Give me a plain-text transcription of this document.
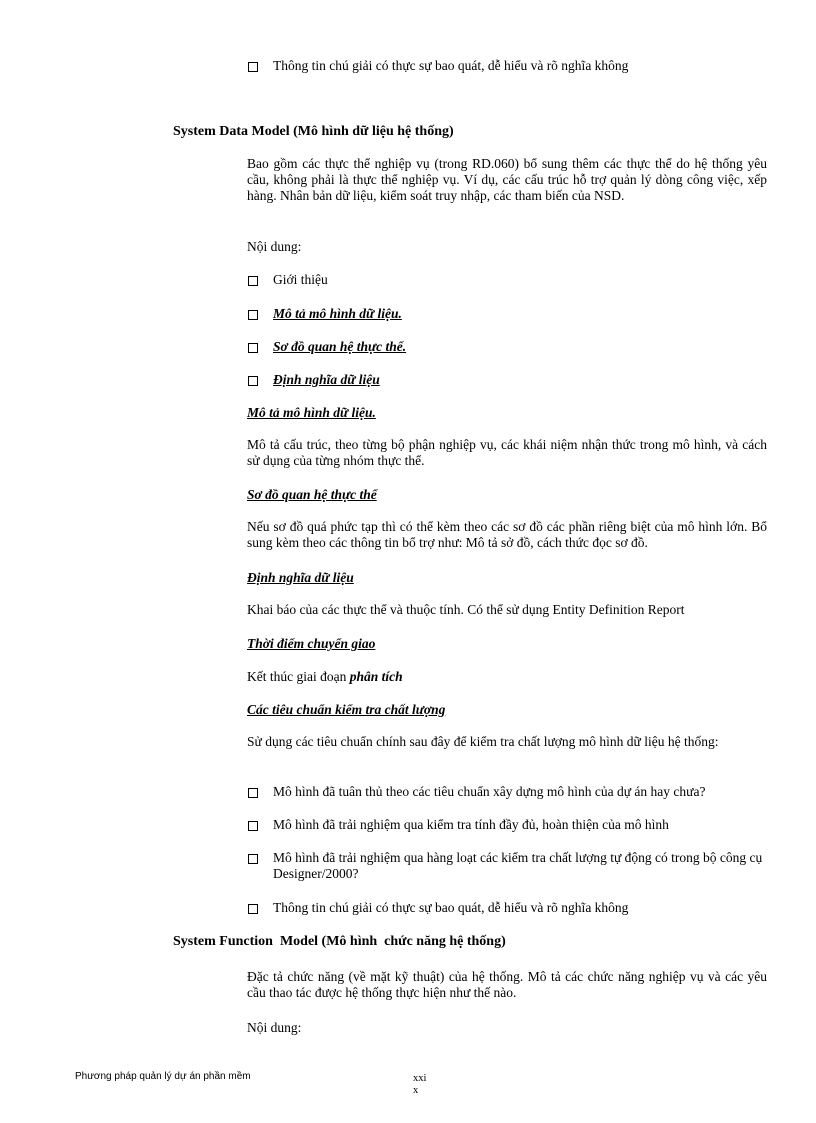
Thông tin chú giải có thực sự bao quát, dễ hiểu và rõ nghĩa không
System Data Model (Mô hình dữ liệu hệ thống)
Bao gồm các thực thể nghiệp vụ (trong RD.060) bổ sung thêm các thực thể do hệ thống yêu cầu, không phải là thực thể nghiệp vụ. Ví dụ, các cấu trúc hỗ trợ quản lý dòng công việc, xếp hàng. Nhân bản dữ liệu, kiểm soát truy nhập, các tham biến của NSD.
Nội dung:
Giới thiệu
Mô tả mô hình dữ liệu.
Sơ đồ quan hệ thực thể.
Định nghĩa dữ liệu
Mô tả mô hình dữ liệu.
Mô tả cấu trúc, theo từng bộ phận nghiệp vụ, các khái niệm nhận thức trong mô hình, và cách sử dụng của từng nhóm thực thể.
Sơ đồ quan hệ thực thể
Nếu sơ đồ quá phức tạp thì có thể kèm theo các sơ đồ các phần riêng biệt của mô hình lớn. Bổ sung kèm theo các thông tin bổ trợ như: Mô tả sở đồ, cách thức đọc sơ đồ.
Định nghĩa dữ liệu
Khai báo của các thực thể và thuộc tính. Có thể sử dụng Entity Definition Report
Thời điểm chuyển giao
Kết thúc giai đoạn phân tích
Các tiêu chuẩn kiểm tra chất lượng
Sử dụng các tiêu chuẩn chính sau đây để kiểm tra chất lượng mô hình dữ liệu hệ thống:
Mô hình đã tuân thủ theo các tiêu chuẩn xây dựng mô hình của dự án hay chưa?
Mô hình đã trải nghiệm qua kiểm tra tính đầy đủ, hoàn thiện của mô hình
Mô hình đã trải nghiệm qua hàng loạt các kiểm tra chất lượng tự động có trong bộ công cụ Designer/2000?
Thông tin chú giải có thực sự bao quát, dễ hiểu và rõ nghĩa không
System Function  Model (Mô hình  chức năng hệ thống)
Đặc tả chức năng (về mặt kỹ thuật) của hệ thống. Mô tả các chức năng nghiệp vụ và các yêu cầu thao tác được hệ thống thực hiện như thế nào.
Nội dung:
Phương pháp quản lý dự án phần mềm	xxi
x
